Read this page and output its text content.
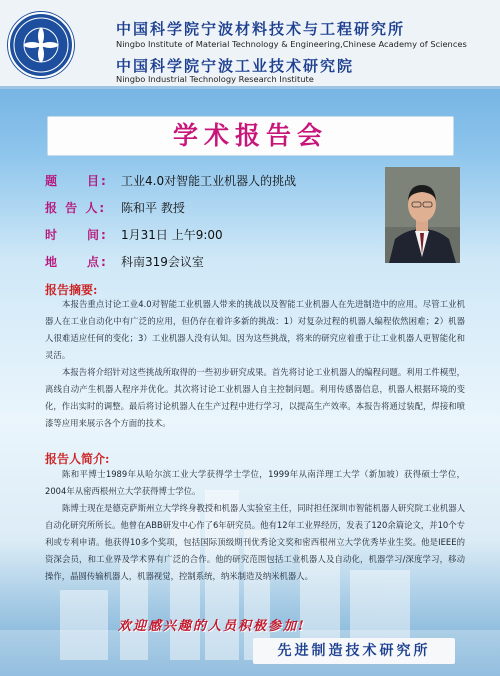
中国科学院宁波材料技术与工程研究所
Ningbo Institute of Material Technology & Engineering,Chinese Academy of Sciences
中国科学院宁波工业技术研究院
Ningbo Industrial Technology Research Institute
学术报告会
题　　目: 工业4.0对智能工业机器人的挑战
报 告 人: 陈和平 教授
时　　间: 1月31日 上午9:00
地　　点: 科南319会议室
报告摘要:
本报告重点讨论工业4.0对智能工业机器人带来的挑战以及智能工业机器人在先进制造中的应用。尽管工业机器人在工业自动化中有广泛的应用，但仍存在着许多新的挑战：1）对复杂过程的机器人编程依然困难；2）机器人很难适应任何的变化；3）工业机器人没有认知。因为这些挑战，将来的研究应着重于让工业机器人更智能化和灵活。
本报告将介绍针对这些挑战所取得的一些初步研究成果。首先将讨论工业机器人的编程问题。利用工件模型，离线自动产生机器人程序并优化。其次将讨论工业机器人自主控制问题。利用传感器信息，机器人根据环境的变化，作出实时的调整。最后将讨论机器人在生产过程中进行学习，以提高生产效率。本报告将通过装配，焊接和喷漆等应用来展示各个方面的技术。
报告人简介:
陈和平博士1989年从哈尔滨工业大学获得学士学位，1999年从南洋理工大学（新加坡）获得硕士学位，2004年从密西根州立大学获得博士学位。
陈博士现在是德克萨斯州立大学终身教授和机器人实验室主任，同时担任深圳市智能机器人研究院工业机器人自动化研究所所长。他曾在ABB研发中心作了6年研究员。他有12年工业界经历，发表了120余篇论文，并10个专利或专利申请。他获得10多个奖项，包括国际顶级期刊优秀论文奖和密西根州立大学优秀毕业生奖。他是IEEE的资深会员，和工业界及学术界有广泛的合作。他的研究范围包括工业机器人及自动化，机器学习/深度学习，移动操作，晶圆传输机器人，机器视觉，控制系统，纳米制造及纳米机器人。
欢迎感兴趣的人员积极参加!
先进制造技术研究所
